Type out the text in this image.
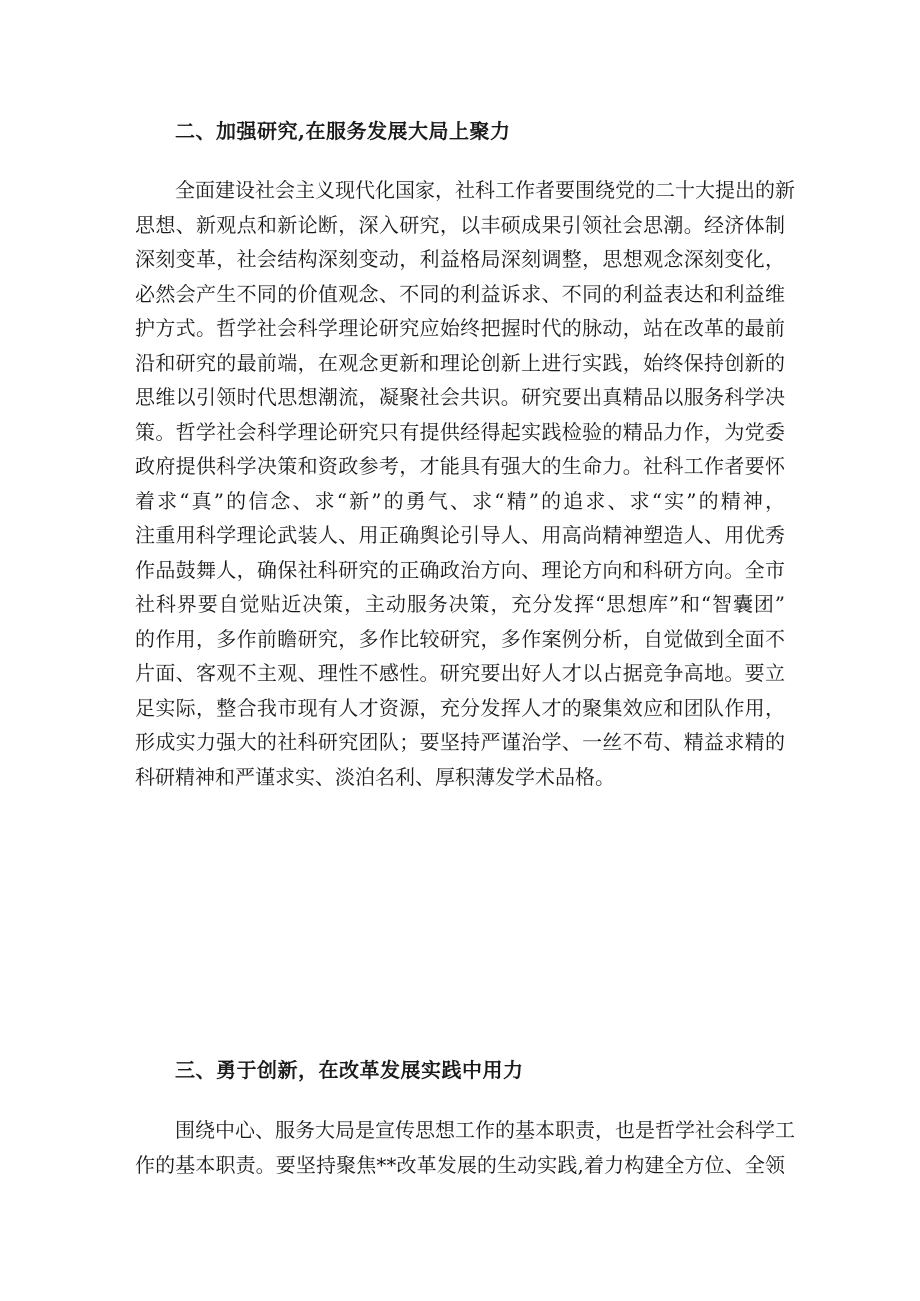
二、加强研究,在服务发展大局上聚力
全面建设社会主义现代化国家，社科工作者要围绕党的二十大提出的新
思想、新观点和新论断，深入研究，以丰硕成果引领社会思潮。经济体制
深刻变革，社会结构深刻变动，利益格局深刻调整，思想观念深刻变化，
必然会产生不同的价值观念、不同的利益诉求、不同的利益表达和利益维
护方式。哲学社会科学理论研究应始终把握时代的脉动，站在改革的最前
沿和研究的最前端，在观念更新和理论创新上进行实践，始终保持创新的
思维以引领时代思想潮流，凝聚社会共识。研究要出真精品以服务科学决
策。哲学社会科学理论研究只有提供经得起实践检验的精品力作，为党委
政府提供科学决策和资政参考，才能具有强大的生命力。社科工作者要怀
着求“真”的信念、求“新”的勇气、求“精”的追求、求“实”的精神，
注重用科学理论武装人、用正确舆论引导人、用高尚精神塑造人、用优秀
作品鼓舞人，确保社科研究的正确政治方向、理论方向和科研方向。全市
社科界要自觉贴近决策，主动服务决策，充分发挥“思想库”和“智囊团”
的作用，多作前瞻研究，多作比较研究，多作案例分析，自觉做到全面不
片面、客观不主观、理性不感性。研究要出好人才以占据竞争高地。要立
足实际，整合我市现有人才资源，充分发挥人才的聚集效应和团队作用，
形成实力强大的社科研究团队；要坚持严谨治学、一丝不苟、精益求精的
科研精神和严谨求实、淡泊名利、厚积薄发学术品格。
三、勇于创新，在改革发展实践中用力
围绕中心、服务大局是宣传思想工作的基本职责，也是哲学社会科学工
作的基本职责。要坚持聚焦**改革发展的生动实践,着力构建全方位、全领
